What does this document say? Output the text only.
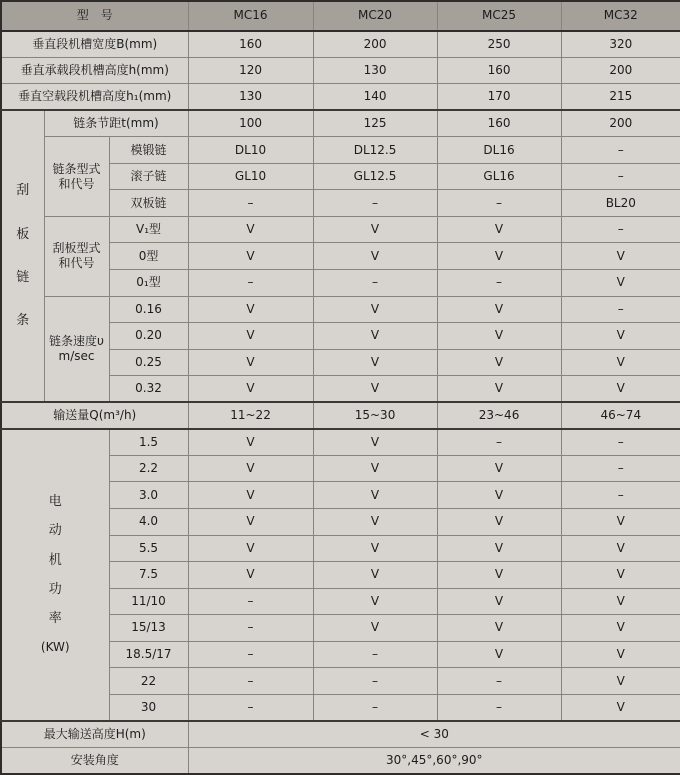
型　号			MC16	MC20	MC25	MC32
垂直段机槽宽度B(mm)			160	200	250	320
垂直承载段机槽高度h(mm)			120	130	160	200
垂直空载段机槽高度h₁(mm)			130	140	170	215

刮
板
链
条	链条节距t(mm)		100	125	160	200

	链条型式
和代号	模锻链	DL10	DL12.5	DL16	–
		滚子链	GL10	GL12.5	GL16	–
		双板链	–	–	–	BL20

	刮板型式
和代号	V₁型	V	V	V	–
		0型	V	V	V	V
		0₁型	–	–	–	V

	链条速度υ
m/sec	0.16	V	V	V	–
		0.20	V	V	V	V
		0.25	V	V	V	V
		0.32	V	V	V	V
输送量Q(m³/h)			11~22	15~30	23~46	46~74

电
动
机
功
率
(KW)
	1.5	V	V	–	–
		2.2	V	V	V	–
		3.0	V	V	V	–
		4.0	V	V	V	V
		5.5	V	V	V	V
		7.5	V	V	V	V
		11/10	–	V	V	V
		15/13	–	V	V	V
		18.5/17	–	–	V	V
		22	–	–	–	V
		30	–	–	–	V
最大输送高度H(m)			< 30			
安装角度			30°,45°,60°,90°			
